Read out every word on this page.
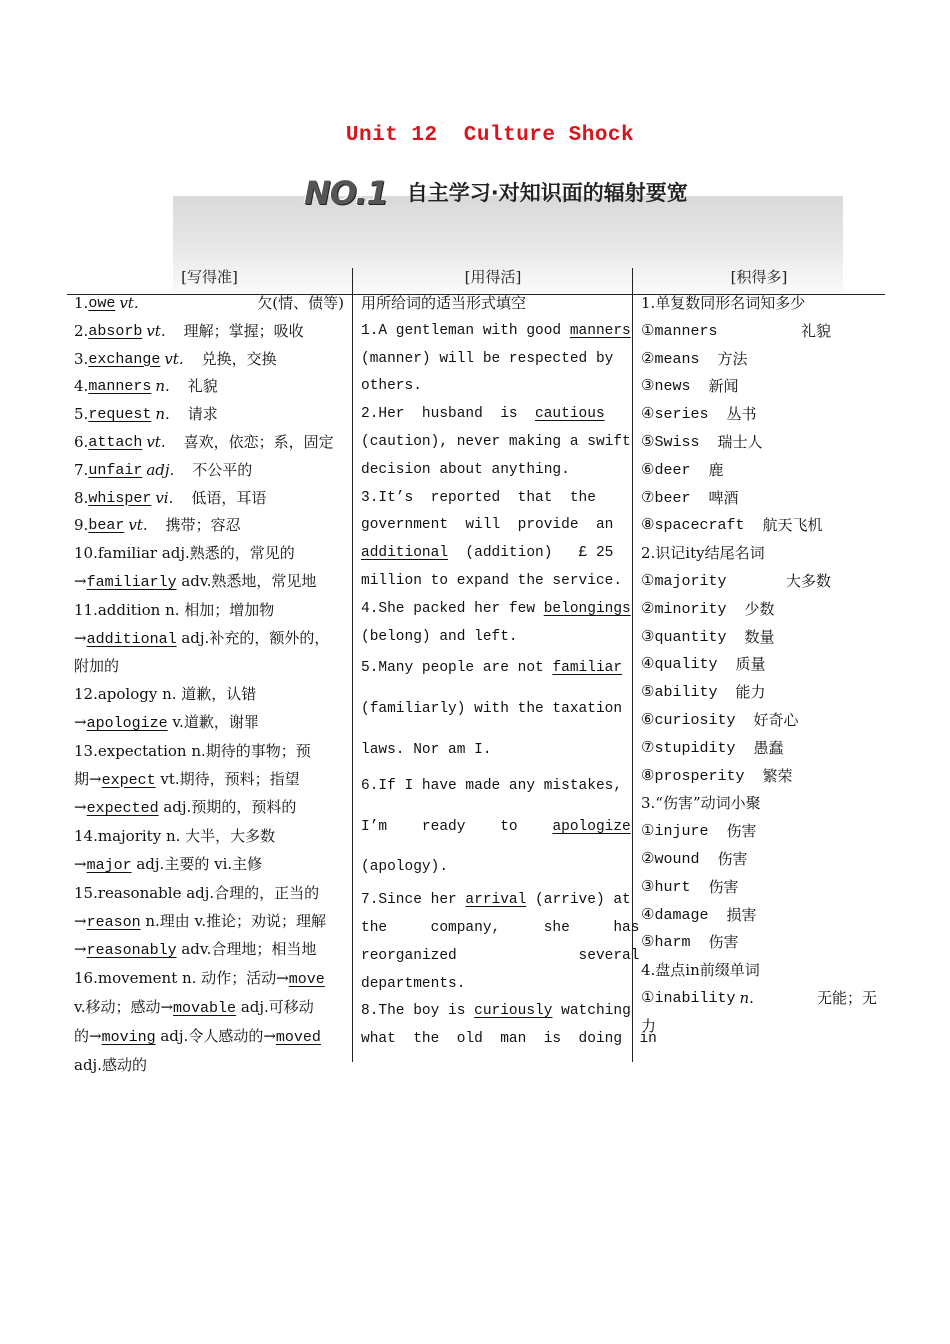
Unit 12  Culture Shock
NO.1 自主学习·对知识面的辐射要宽
[写得准]	[用得活]	[积得多]
1. owe vt.	欠(情、债等)
2. absorb vt. 理解；掌握；吸收
3. exchange vt. 兑换，交换
4. manners n. 礼貌
5. request n. 请求
6. attach vt. 喜欢，依恋；系，固定
7. unfair adj. 不公平的
8. whisper vi. 低语，耳语
9. bear vt. 携带；容忍
10.familiar adj.熟悉的，常见的
→familiarly adv.熟悉地，常见地
11.addition n. 相加；增加物
→additional adj.补充的，额外的，
附加的
12.apology n. 道歉，认错
→apologize v.道歉，谢罪
13.expectation n.期待的事物；预
期→expect vt.期待，预料；指望
→expected adj.预期的，预料的
14.majority n. 大半，大多数
→major adj.主要的 vi.主修
15.reasonable adj.合理的，正当的
→reason n.理由 v.推论；劝说；理解
→reasonably adv.合理地；相当地
16.movement n. 动作；活动→move
v.移动；感动→movable adj.可移动
的→moving adj.令人感动的→moved
adj.感动的
用所给词的适当形式填空
1.A gentleman with good manners
(manner) will be respected by
others.
2.Her  husband  is  cautious
(caution), never making a swift
decision about anything.
3.It’s  reported  that  the
government  will  provide  an
additional  (addition)   £ 25
million to expand the service.
4.She packed her few belongings
(belong) and left.
5.Many people are not familiar
(familiarly) with the taxation
laws. Nor am I.
6.If I have made any mistakes,
I’m    ready    to    apologize
(apology).
7.Since her arrival (arrive) at
the     company,     she     has
reorganized              several
departments.
8.The boy is curiously watching
what  the  old  man  is  doing  in
1.单复数同形名词知多少
①manners	礼貌
②means 方法
③news 新闻
④series 丛书
⑤Swiss 瑞士人
⑥deer 鹿
⑦beer 啤酒
⑧spacecraft 航天飞机
2.识记ity结尾名词
①majority	大多数
②minority 少数
③quantity 数量
④quality 质量
⑤ability 能力
⑥curiosity 好奇心
⑦stupidity 愚蠢
⑧prosperity 繁荣
3.“伤害”动词小聚
①injure 伤害
②wound 伤害
③hurt 伤害
④damage 损害
⑤harm 伤害
4.盘点in前缀单词
①inability n.	无能；无
力
